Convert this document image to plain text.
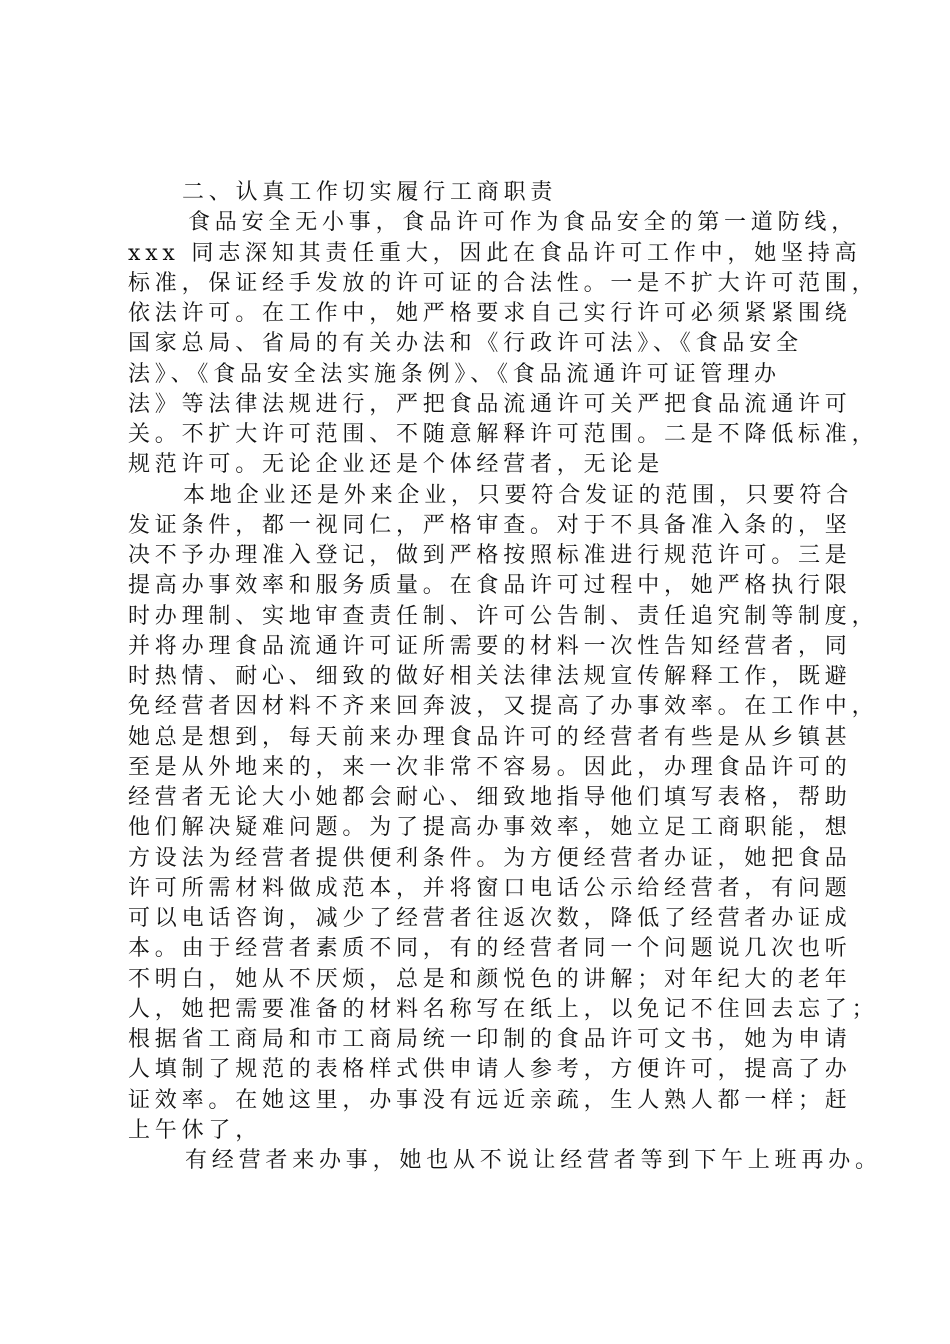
二、认真工作切实履行工商职责
食品安全无小事，食品许可作为食品安全的第一道防线，
xxx 同志深知其责任重大，因此在食品许可工作中，她坚持高
标准，保证经手发放的许可证的合法性。一是不扩大许可范围，
依法许可。在工作中，她严格要求自己实行许可必须紧紧围绕
国家总局、省局的有关办法和《行政许可法》、《食品安全
法》、《食品安全法实施条例》、《食品流通许可证管理办
法》等法律法规进行，严把食品流通许可关严把食品流通许可
关。不扩大许可范围、不随意解释许可范围。二是不降低标准，
规范许可。无论企业还是个体经营者，无论是
本地企业还是外来企业，只要符合发证的范围，只要符合
发证条件，都一视同仁，严格审查。对于不具备准入条的，坚
决不予办理准入登记，做到严格按照标准进行规范许可。三是
提高办事效率和服务质量。在食品许可过程中，她严格执行限
时办理制、实地审查责任制、许可公告制、责任追究制等制度，
并将办理食品流通许可证所需要的材料一次性告知经营者，同
时热情、耐心、细致的做好相关法律法规宣传解释工作，既避
免经营者因材料不齐来回奔波，又提高了办事效率。在工作中，
她总是想到，每天前来办理食品许可的经营者有些是从乡镇甚
至是从外地来的，来一次非常不容易。因此，办理食品许可的
经营者无论大小她都会耐心、细致地指导他们填写表格，帮助
他们解决疑难问题。为了提高办事效率，她立足工商职能，想
方设法为经营者提供便利条件。为方便经营者办证，她把食品
许可所需材料做成范本，并将窗口电话公示给经营者，有问题
可以电话咨询，减少了经营者往返次数，降低了经营者办证成
本。由于经营者素质不同，有的经营者同一个问题说几次也听
不明白，她从不厌烦，总是和颜悦色的讲解；对年纪大的老年
人，她把需要准备的材料名称写在纸上，以免记不住回去忘了；
根据省工商局和市工商局统一印制的食品许可文书，她为申请
人填制了规范的表格样式供申请人参考，方便许可，提高了办
证效率。在她这里，办事没有远近亲疏，生人熟人都一样；赶
上午休了，
有经营者来办事，她也从不说让经营者等到下午上班再办。
